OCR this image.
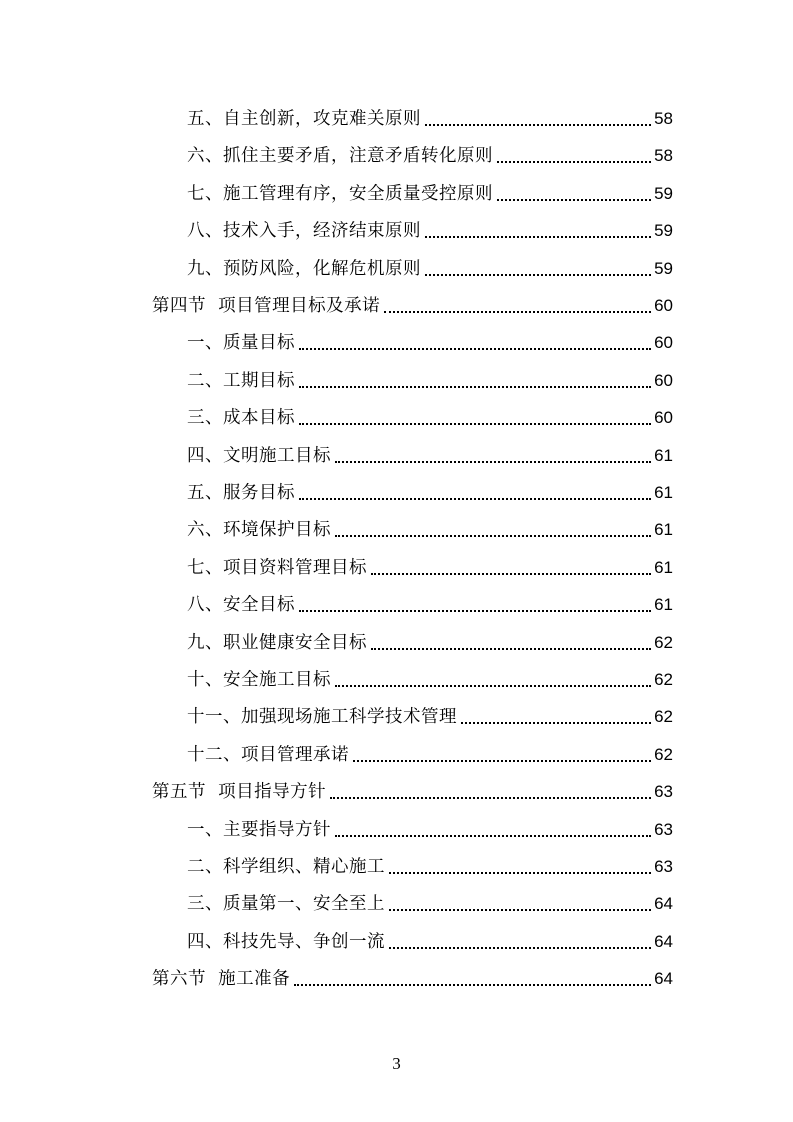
五、自主创新，攻克难关原则	58
六、抓住主要矛盾，注意矛盾转化原则	58
七、施工管理有序，安全质量受控原则	59
八、技术入手，经济结束原则	59
九、预防风险，化解危机原则	59
第四节  项目管理目标及承诺	60
一、质量目标	60
二、工期目标	60
三、成本目标	60
四、文明施工目标	61
五、服务目标	61
六、环境保护目标	61
七、项目资料管理目标	61
八、安全目标	61
九、职业健康安全目标	62
十、安全施工目标	62
十一、加强现场施工科学技术管理	62
十二、项目管理承诺	62
第五节  项目指导方针	63
一、主要指导方针	63
二、科学组织、精心施工	63
三、质量第一、安全至上	64
四、科技先导、争创一流	64
第六节  施工准备	64
3
